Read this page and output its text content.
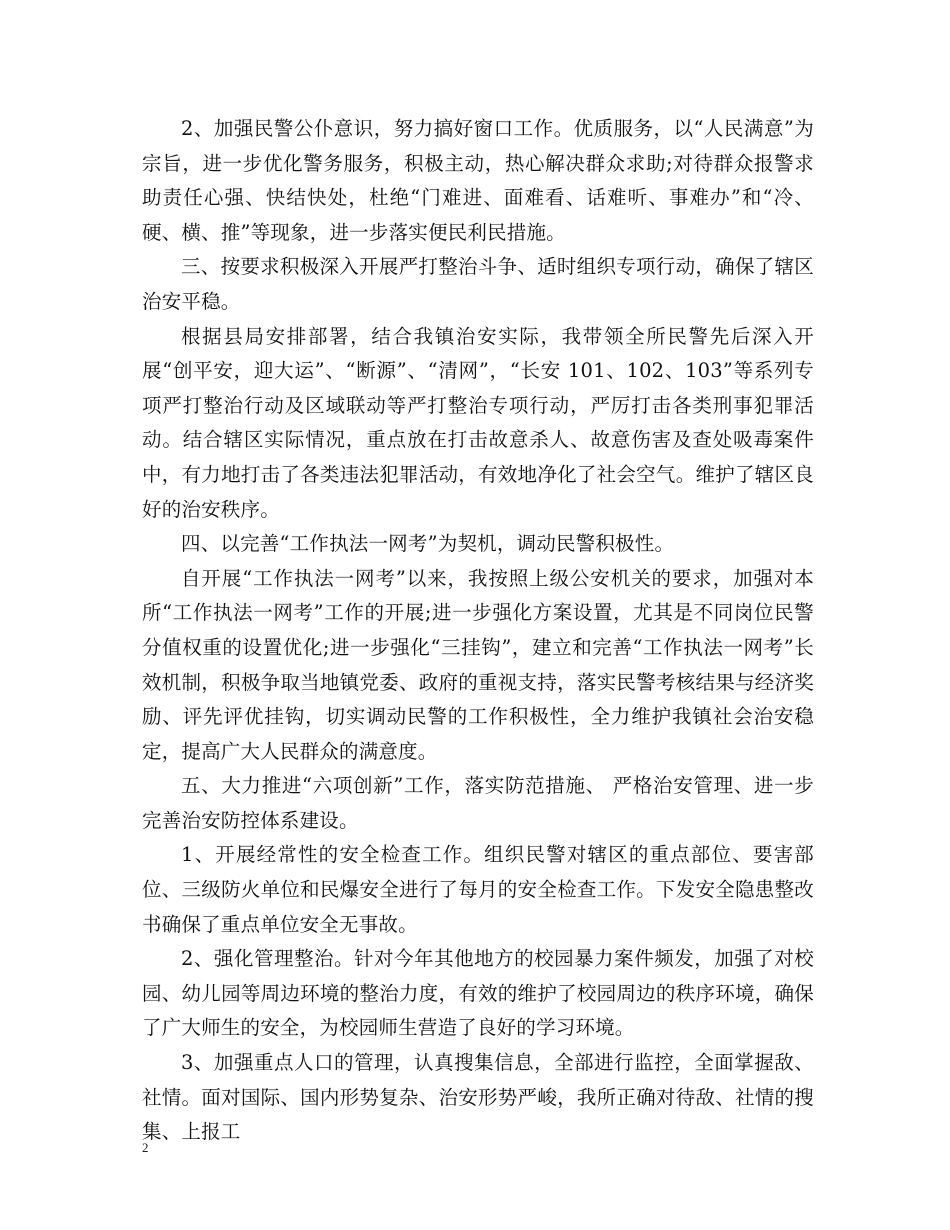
2、加强民警公仆意识，努力搞好窗口工作。优质服务，以“人民满意”为宗旨，进一步优化警务服务，积极主动，热心解决群众求助;对待群众报警求助责任心强、快结快处，杜绝“门难进、面难看、话难听、事难办”和“冷、硬、横、推”等现象，进一步落实便民利民措施。

三、按要求积极深入开展严打整治斗争、适时组织专项行动，确保了辖区治安平稳。

根据县局安排部署，结合我镇治安实际，我带领全所民警先后深入开展“创平安，迎大运”、“断源”、“清网”，“长安 101、102、103”等系列专项严打整治行动及区域联动等严打整治专项行动，严厉打击各类刑事犯罪活动。结合辖区实际情况，重点放在打击故意杀人、故意伤害及查处吸毒案件中，有力地打击了各类违法犯罪活动，有效地净化了社会空气。维护了辖区良好的治安秩序。

四、以完善“工作执法一网考”为契机，调动民警积极性。

自开展“工作执法一网考”以来，我按照上级公安机关的要求，加强对本所“工作执法一网考”工作的开展;进一步强化方案设置，尤其是不同岗位民警分值权重的设置优化;进一步强化“三挂钩”，建立和完善“工作执法一网考”长效机制，积极争取当地镇党委、政府的重视支持，落实民警考核结果与经济奖励、评先评优挂钩，切实调动民警的工作积极性，全力维护我镇社会治安稳定，提高广大人民群众的满意度。

五、大力推进“六项创新”工作，落实防范措施、 严格治安管理、进一步完善治安防控体系建设。

1、开展经常性的安全检查工作。组织民警对辖区的重点部位、要害部位、三级防火单位和民爆安全进行了每月的安全检查工作。下发安全隐患整改书确保了重点单位安全无事故。

2、强化管理整治。针对今年其他地方的校园暴力案件频发，加强了对校园、幼儿园等周边环境的整治力度，有效的维护了校园周边的秩序环境，确保了广大师生的安全，为校园师生营造了良好的学习环境。

3、加强重点人口的管理，认真搜集信息，全部进行监控，全面掌握敌、社情。面对国际、国内形势复杂、治安形势严峻，我所正确对待敌、社情的搜集、上报工

2
